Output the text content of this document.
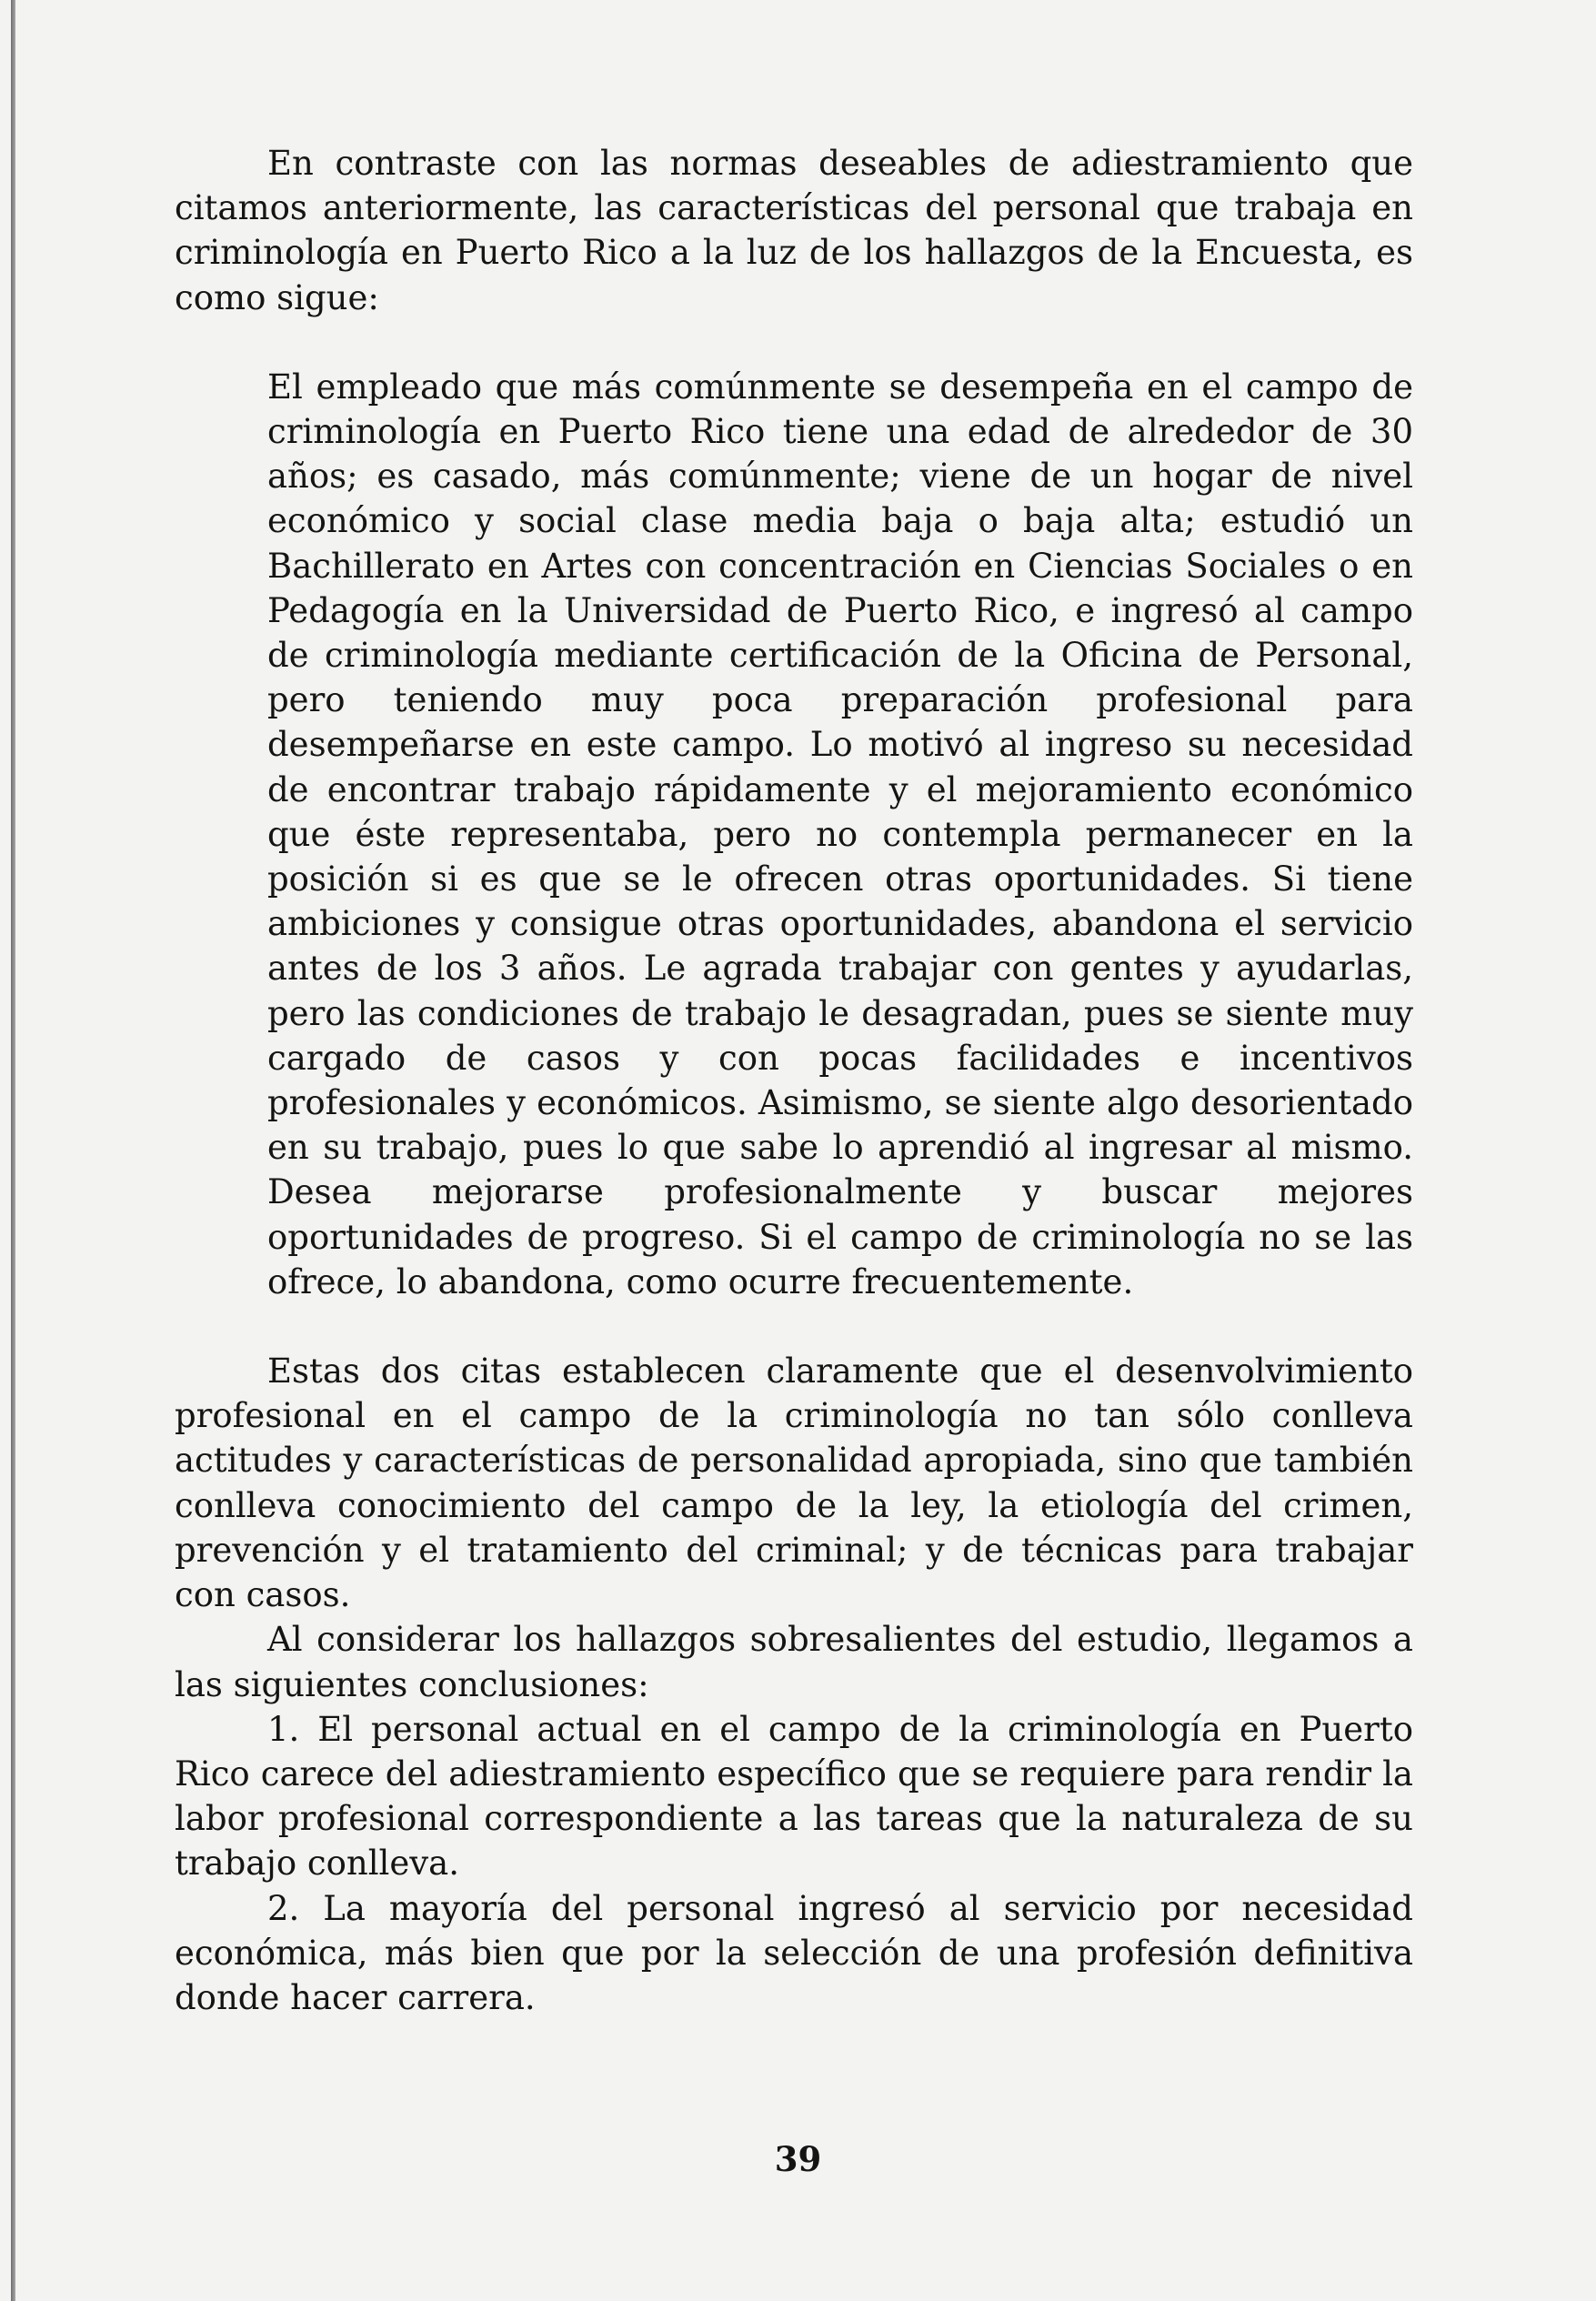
En contraste con las normas deseables de adiestramiento que citamos anteriormente, las características del personal que trabaja en criminología en Puerto Rico a la luz de los hallazgos de la Encuesta, es como sigue:

El empleado que más comúnmente se desempeña en el campo de criminología en Puerto Rico tiene una edad de alrededor de 30 años; es casado, más comúnmente; viene de un hogar de nivel económico y social clase media baja o baja alta; estudió un Bachillerato en Artes con concentración en Ciencias Sociales o en Pedagogía en la Universidad de Puerto Rico, e ingresó al campo de criminología mediante certificación de la Oficina de Personal, pero teniendo muy poca preparación profesional para desempeñarse en este campo. Lo motivó al ingreso su necesidad de encontrar trabajo rápidamente y el mejoramiento económico que éste representaba, pero no contempla permanecer en la posición si es que se le ofrecen otras oportunidades. Si tiene ambiciones y consigue otras oportunidades, abandona el servicio antes de los 3 años. Le agrada trabajar con gentes y ayudarlas, pero las condiciones de trabajo le desagradan, pues se siente muy cargado de casos y con pocas facilidades e incentivos profesionales y económicos. Asimismo, se siente algo desorientado en su trabajo, pues lo que sabe lo aprendió al ingresar al mismo. Desea mejorarse profesionalmente y buscar mejores oportunidades de progreso. Si el campo de criminología no se las ofrece, lo abandona, como ocurre frecuentemente.

Estas dos citas establecen claramente que el desenvolvimiento profesional en el campo de la criminología no tan sólo conlleva actitudes y características de personalidad apropiada, sino que también conlleva conocimiento del campo de la ley, la etiología del crimen, prevención y el tratamiento del criminal; y de técnicas para trabajar con casos.

Al considerar los hallazgos sobresalientes del estudio, llegamos a las siguientes conclusiones:

1. El personal actual en el campo de la criminología en Puerto Rico carece del adiestramiento específico que se requiere para rendir la labor profesional correspondiente a las tareas que la naturaleza de su trabajo conlleva.

2. La mayoría del personal ingresó al servicio por necesidad económica, más bien que por la selección de una profesión definitiva donde hacer carrera.

39
